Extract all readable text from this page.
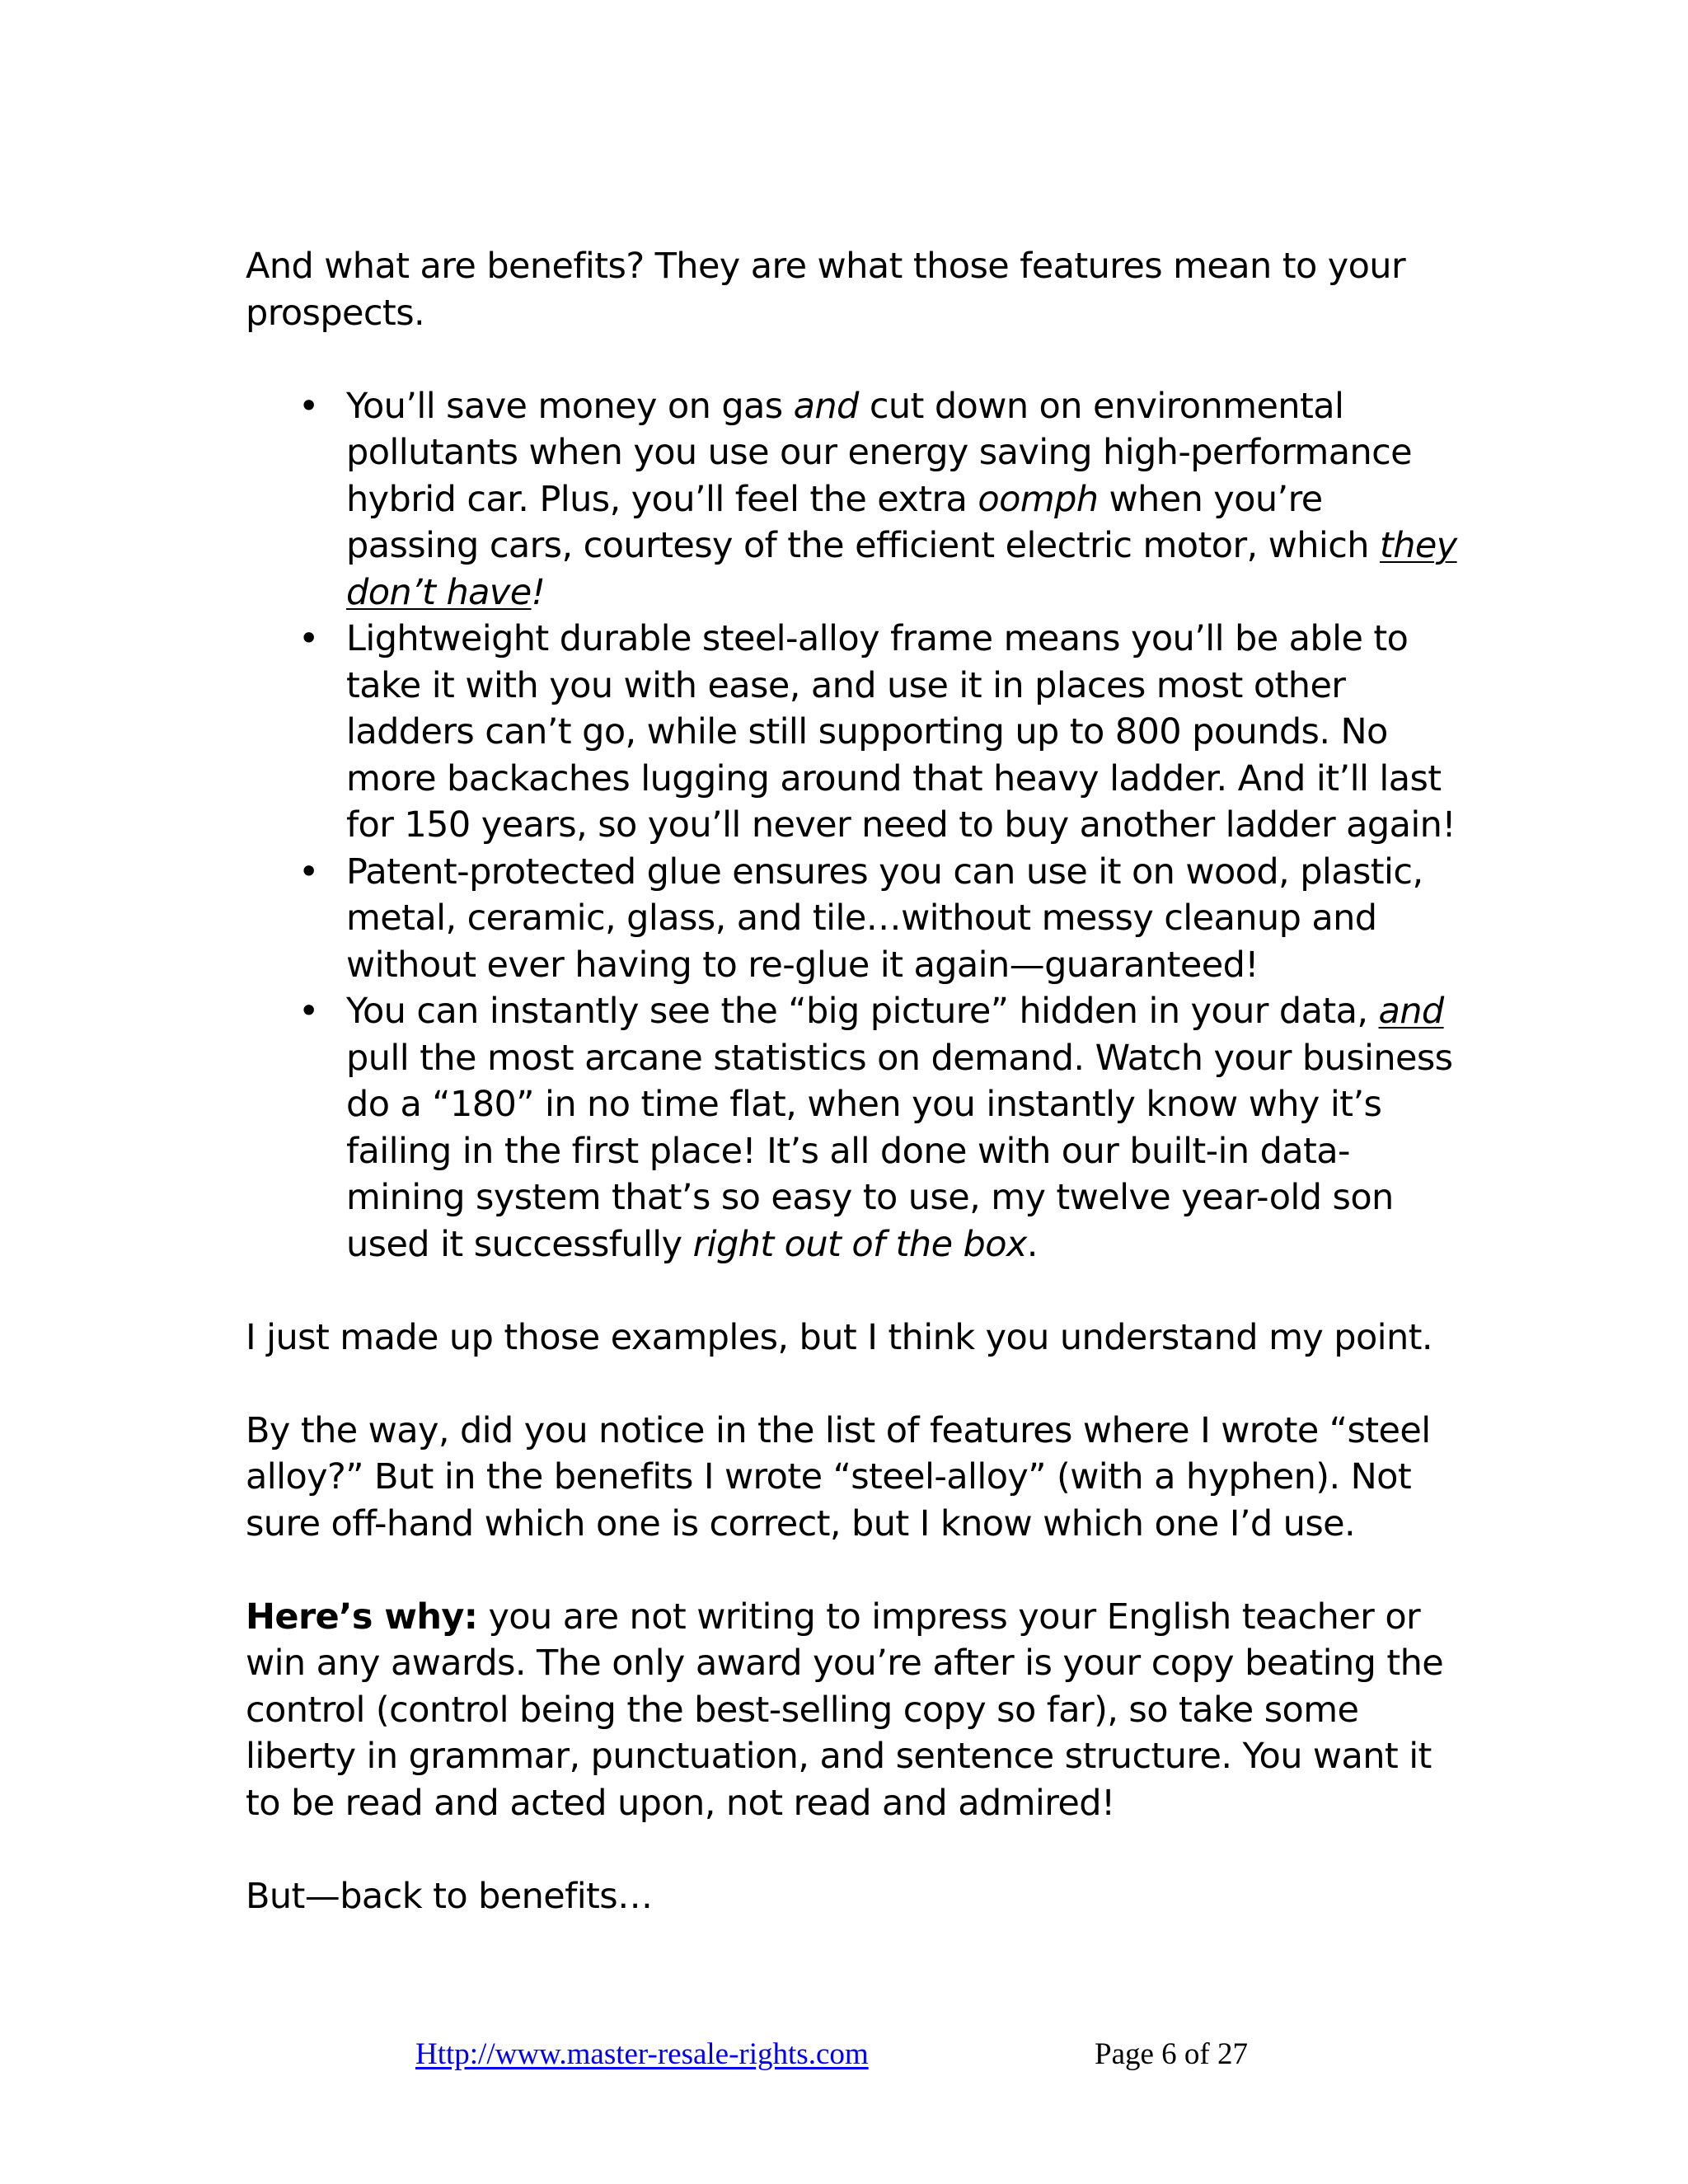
And what are benefits? They are what those features mean to your prospects.

• You’ll save money on gas and cut down on environmental pollutants when you use our energy saving high-performance hybrid car. Plus, you’ll feel the extra oomph when you’re passing cars, courtesy of the efficient electric motor, which they don’t have!
• Lightweight durable steel-alloy frame means you’ll be able to take it with you with ease, and use it in places most other ladders can’t go, while still supporting up to 800 pounds. No more backaches lugging around that heavy ladder. And it’ll last for 150 years, so you’ll never need to buy another ladder again!
• Patent-protected glue ensures you can use it on wood, plastic, metal, ceramic, glass, and tile…without messy cleanup and without ever having to re-glue it again—guaranteed!
• You can instantly see the “big picture” hidden in your data, and pull the most arcane statistics on demand. Watch your business do a “180” in no time flat, when you instantly know why it’s failing in the first place! It’s all done with our built-in data-mining system that’s so easy to use, my twelve year-old son used it successfully right out of the box.

I just made up those examples, but I think you understand my point.

By the way, did you notice in the list of features where I wrote “steel alloy?” But in the benefits I wrote “steel-alloy” (with a hyphen). Not sure off-hand which one is correct, but I know which one I’d use.

Here’s why: you are not writing to impress your English teacher or win any awards. The only award you’re after is your copy beating the control (control being the best-selling copy so far), so take some liberty in grammar, punctuation, and sentence structure. You want it to be read and acted upon, not read and admired!

But—back to benefits…

Http://www.master-resale-rights.com	Page 6 of 27
